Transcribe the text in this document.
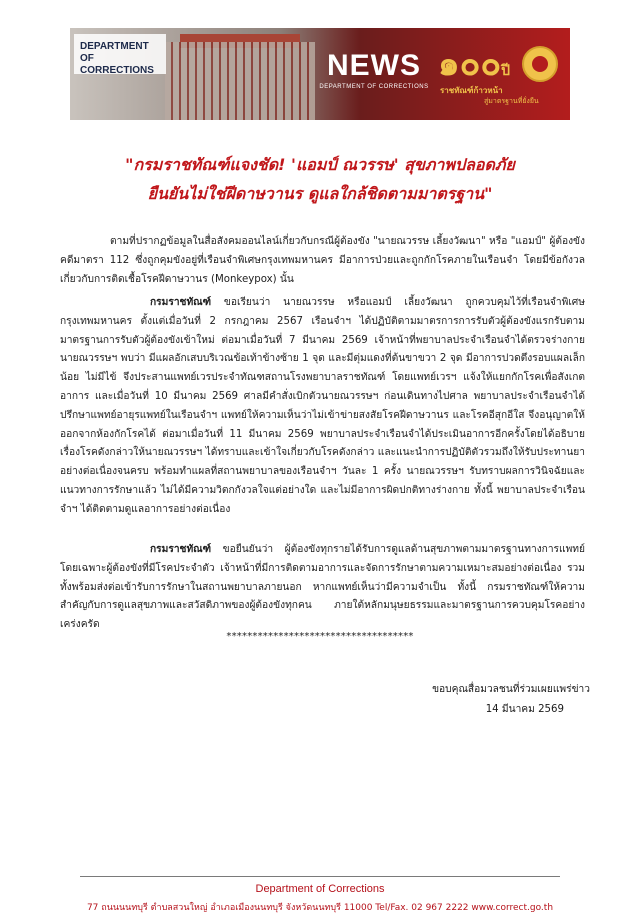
DEPARTMENT
OF CORRECTIONS	NEWS
DEPARTMENT OF CORRECTIONS
๑๐๐ปี
ราชทัณฑ์ก้าวหน้า
สู่มาตรฐานที่ยั่งยืน
"กรมราชทัณฑ์แจงชัด! 'แอมป์ ณวรรษ' สุขภาพปลอดภัย
ยืนยันไม่ใช่ฝีดาษวานร ดูแลใกล้ชิดตามมาตรฐาน"
ตามที่ปรากฏข้อมูลในสื่อสังคมออนไลน์เกี่ยวกับกรณีผู้ต้องขัง "นายณวรรษ เลี้ยงวัฒนา" หรือ "แอมป์" ผู้ต้องขังคดีมาตรา 112 ซึ่งถูกคุมขังอยู่ที่เรือนจำพิเศษกรุงเทพมหานคร มีอาการป่วยและถูกกักโรคภายในเรือนจำ โดยมีข้อกังวลเกี่ยวกับการติดเชื้อโรคฝีดาษวานร (Monkeypox) นั้น
กรมราชทัณฑ์ ขอเรียนว่า นายณวรรษ หรือแอมป์ เลี้ยงวัฒนา ถูกควบคุมไว้ที่เรือนจำพิเศษกรุงเทพมหานคร ตั้งแต่เมื่อวันที่ 2 กรกฎาคม 2567 เรือนจำฯ ได้ปฏิบัติตามมาตรการการรับตัวผู้ต้องขังแรกรับตามมาตรฐานการรับตัวผู้ต้องขังเข้าใหม่ ต่อมาเมื่อวันที่ 7 มีนาคม 2569 เจ้าหน้าที่พยาบาลประจำเรือนจำได้ตรวจร่างกายนายณวรรษฯ พบว่า มีแผลอักเสบบริเวณข้อเท้าข้างซ้าย 1 จุด และมีตุ่มแดงที่ต้นขาขวา 2 จุด มีอาการปวดตึงรอบแผลเล็กน้อย ไม่มีไข้ จึงประสานแพทย์เวรประจำทัณฑสถานโรงพยาบาลราชทัณฑ์ โดยแพทย์เวรฯ แจ้งให้แยกกักโรคเพื่อสังเกตอาการ และเมื่อวันที่ 10 มีนาคม 2569 ศาลมีคำสั่งเบิกตัวนายณวรรษฯ ก่อนเดินทางไปศาล พยาบาลประจำเรือนจำได้ปรึกษาแพทย์อายุรแพทย์ในเรือนจำฯ แพทย์ให้ความเห็นว่าไม่เข้าข่ายสงสัยโรคฝีดาษวานร และโรคอีสุกอีใส จึงอนุญาตให้ออกจากห้องกักโรคได้ ต่อมาเมื่อวันที่ 11 มีนาคม 2569 พยาบาลประจำเรือนจำได้ประเมินอาการอีกครั้งโดยได้อธิบายเรื่องโรคดังกล่าวให้นายณวรรษฯ ได้ทราบและเข้าใจเกี่ยวกับโรคดังกล่าว และแนะนำการปฏิบัติตัวรวมถึงให้รับประทานยาอย่างต่อเนื่องจนครบ พร้อมทำแผลที่สถานพยาบาลของเรือนจำฯ วันละ 1 ครั้ง นายณวรรษฯ รับทราบผลการวินิจฉัยและแนวทางการรักษาแล้ว ไม่ได้มีความวิตกกังวลใจแต่อย่างใด และไม่มีอาการผิดปกติทางร่างกาย ทั้งนี้ พยาบาลประจำเรือนจำฯ ได้ติดตามดูแลอาการอย่างต่อเนื่อง
กรมราชทัณฑ์ ขอยืนยันว่า ผู้ต้องขังทุกรายได้รับการดูแลด้านสุขภาพตามมาตรฐานทางการแพทย์ โดยเฉพาะผู้ต้องขังที่มีโรคประจำตัว เจ้าหน้าที่มีการติดตามอาการและจัดการรักษาตามความเหมาะสมอย่างต่อเนื่อง รวมทั้งพร้อมส่งต่อเข้ารับการรักษาในสถานพยาบาลภายนอก หากแพทย์เห็นว่ามีความจำเป็น ทั้งนี้ กรมราชทัณฑ์ให้ความสำคัญกับการดูแลสุขภาพและสวัสดิภาพของผู้ต้องขังทุกคน ภายใต้หลักมนุษยธรรมและมาตรฐานการควบคุมโรคอย่างเคร่งครัด
************************************
ขอบคุณสื่อมวลชนที่ร่วมเผยแพร่ข่าว
14 มีนาคม 2569
Department of Corrections
77 ถนนนนทบุรี ตำบลสวนใหญ่ อำเภอเมืองนนทบุรี จังหวัดนนทบุรี 11000 Tel/Fax. 02 967 2222 www.correct.go.th
